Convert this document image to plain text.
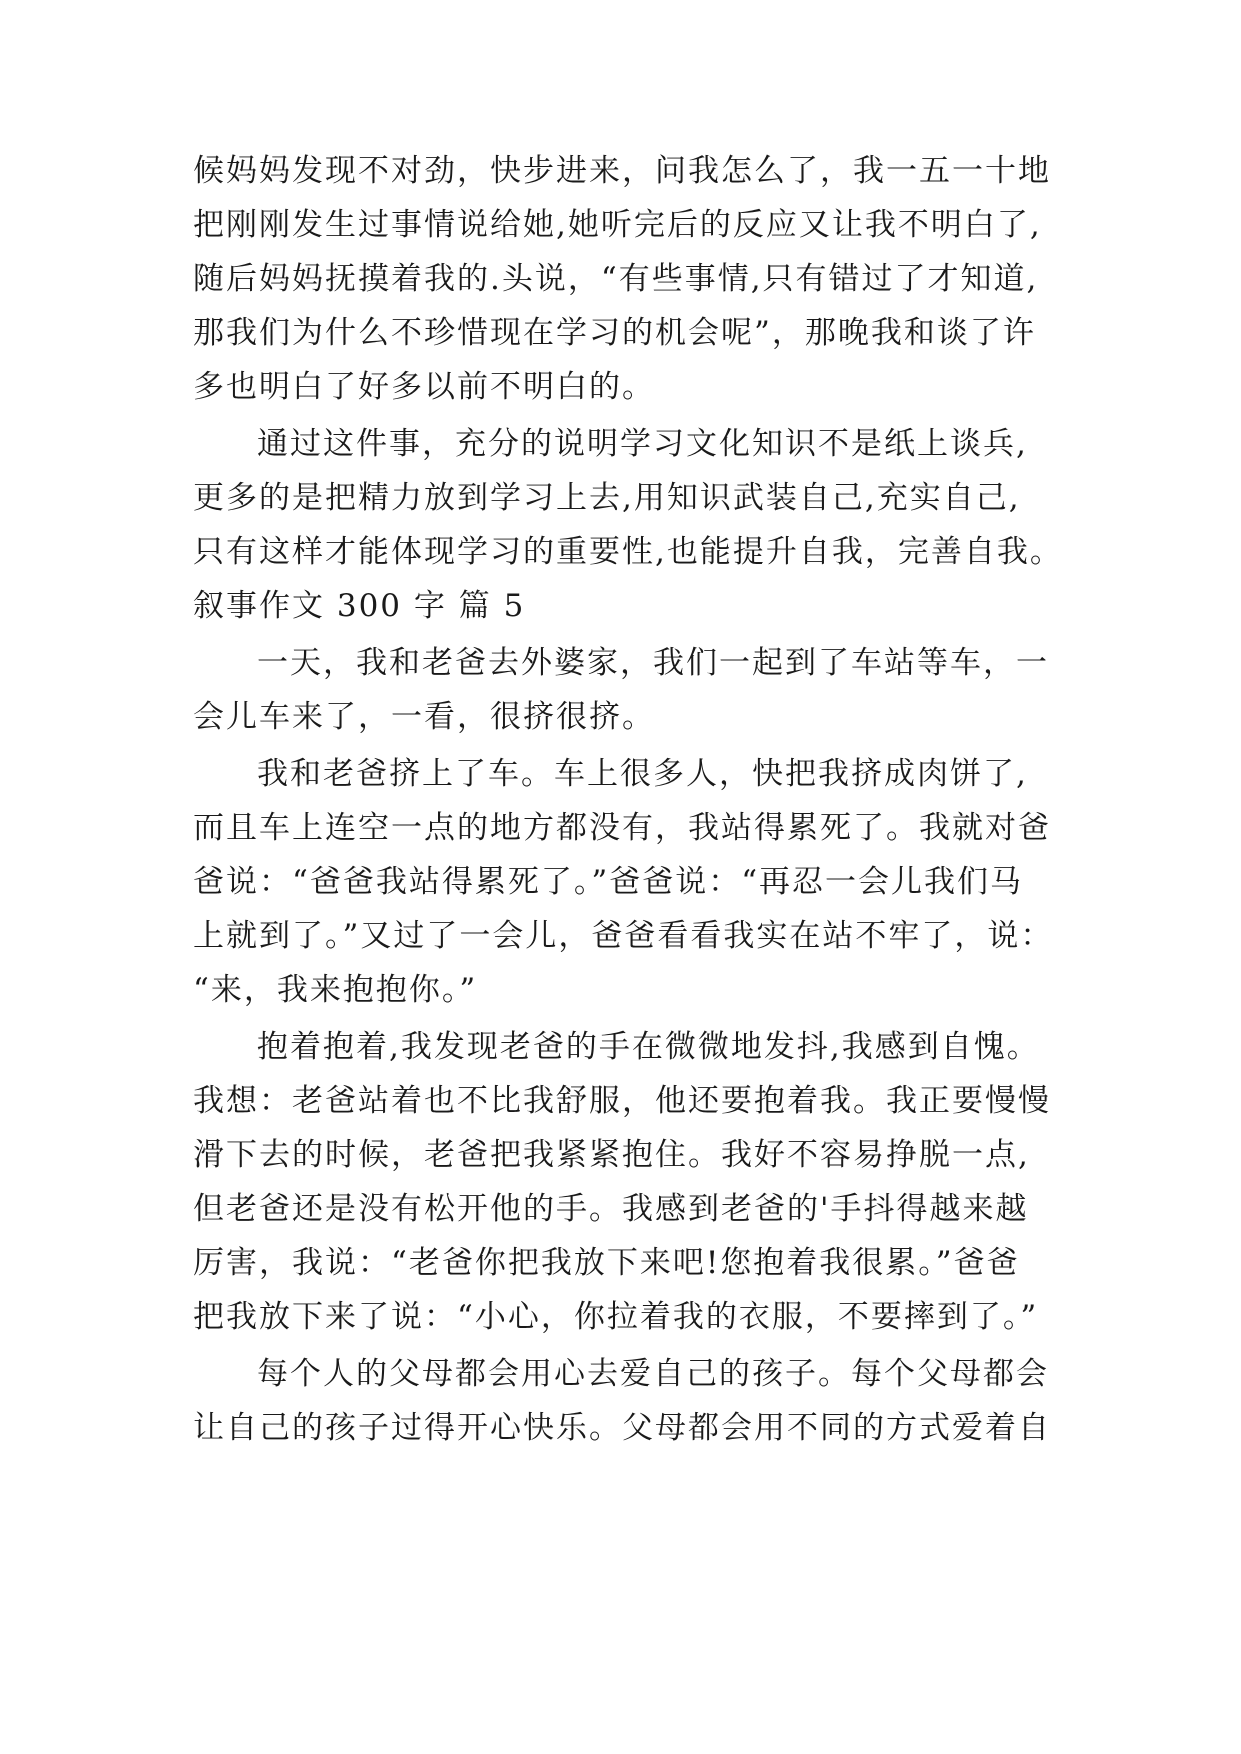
候妈妈发现不对劲，快步进来，问我怎么了，我一五一十地
把刚刚发生过事情说给她,她听完后的反应又让我不明白了,
随后妈妈抚摸着我的.头说，“有些事情,只有错过了才知道,
那我们为什么不珍惜现在学习的机会呢”，那晚我和谈了许
多也明白了好多以前不明白的。
通过这件事，充分的说明学习文化知识不是纸上谈兵,
更多的是把精力放到学习上去,用知识武装自己,充实自己,
只有这样才能体现学习的重要性,也能提升自我，完善自我。
叙事作文 300 字 篇 5
一天，我和老爸去外婆家，我们一起到了车站等车，一
会儿车来了，一看，很挤很挤。
我和老爸挤上了车。车上很多人，快把我挤成肉饼了,
而且车上连空一点的地方都没有，我站得累死了。我就对爸
爸说：“爸爸我站得累死了。”爸爸说：“再忍一会儿我们马
上就到了。”又过了一会儿，爸爸看看我实在站不牢了，说：
“来，我来抱抱你。”
抱着抱着,我发现老爸的手在微微地发抖,我感到自愧。
我想：老爸站着也不比我舒服，他还要抱着我。我正要慢慢
滑下去的时候，老爸把我紧紧抱住。我好不容易挣脱一点,
但老爸还是没有松开他的手。我感到老爸的'手抖得越来越
厉害，我说：“老爸你把我放下来吧!您抱着我很累。”爸爸
把我放下来了说：“小心，你拉着我的衣服，不要摔到了。”
每个人的父母都会用心去爱自己的孩子。每个父母都会
让自己的孩子过得开心快乐。父母都会用不同的方式爱着自
